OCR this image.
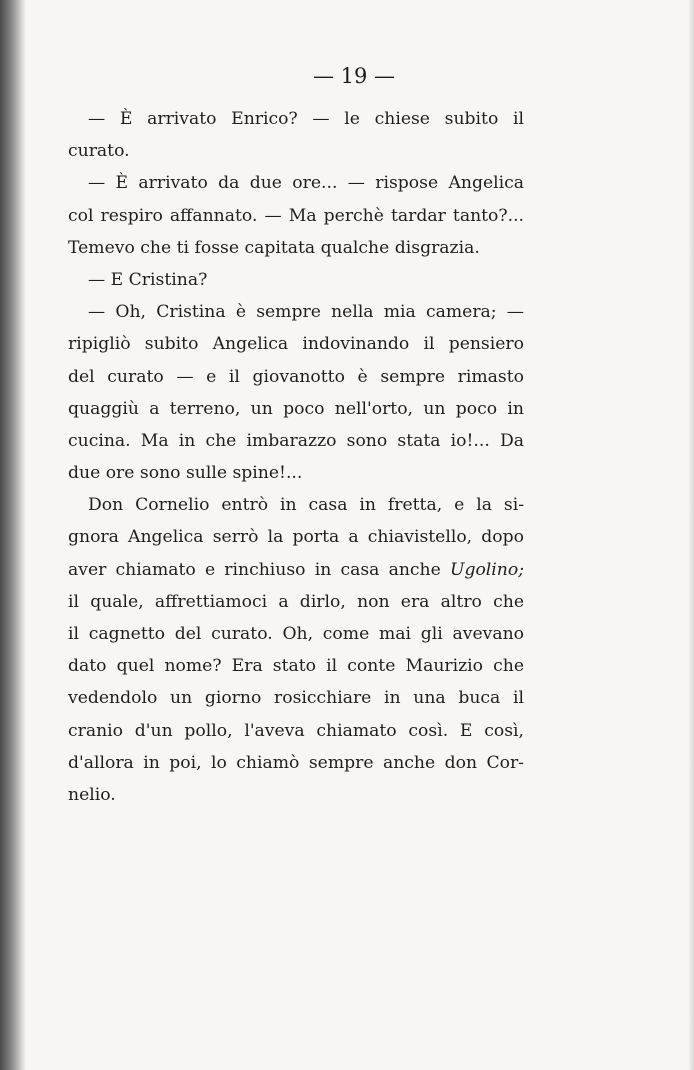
— 19 —
— È arrivato Enrico? — le chiese subito il
curato.
— È arrivato da due ore... — rispose Angelica
col respiro affannato. — Ma perchè tardar tanto?...
Temevo che ti fosse capitata qualche disgrazia.
— E Cristina?
— Oh, Cristina è sempre nella mia camera; —
ripigliò subito Angelica indovinando il pensiero
del curato — e il giovanotto è sempre rimasto
quaggiù a terreno, un poco nell'orto, un poco in
cucina. Ma in che imbarazzo sono stata io!... Da
due ore sono sulle spine!...
Don Cornelio entrò in casa in fretta, e la si-
gnora Angelica serrò la porta a chiavistello, dopo
aver chiamato e rinchiuso in casa anche Ugolino;
il quale, affrettiamoci a dirlo, non era altro che
il cagnetto del curato. Oh, come mai gli avevano
dato quel nome? Era stato il conte Maurizio che
vedendolo un giorno rosicchiare in una buca il
cranio d'un pollo, l'aveva chiamato così. E così,
d'allora in poi, lo chiamò sempre anche don Cor-
nelio.
